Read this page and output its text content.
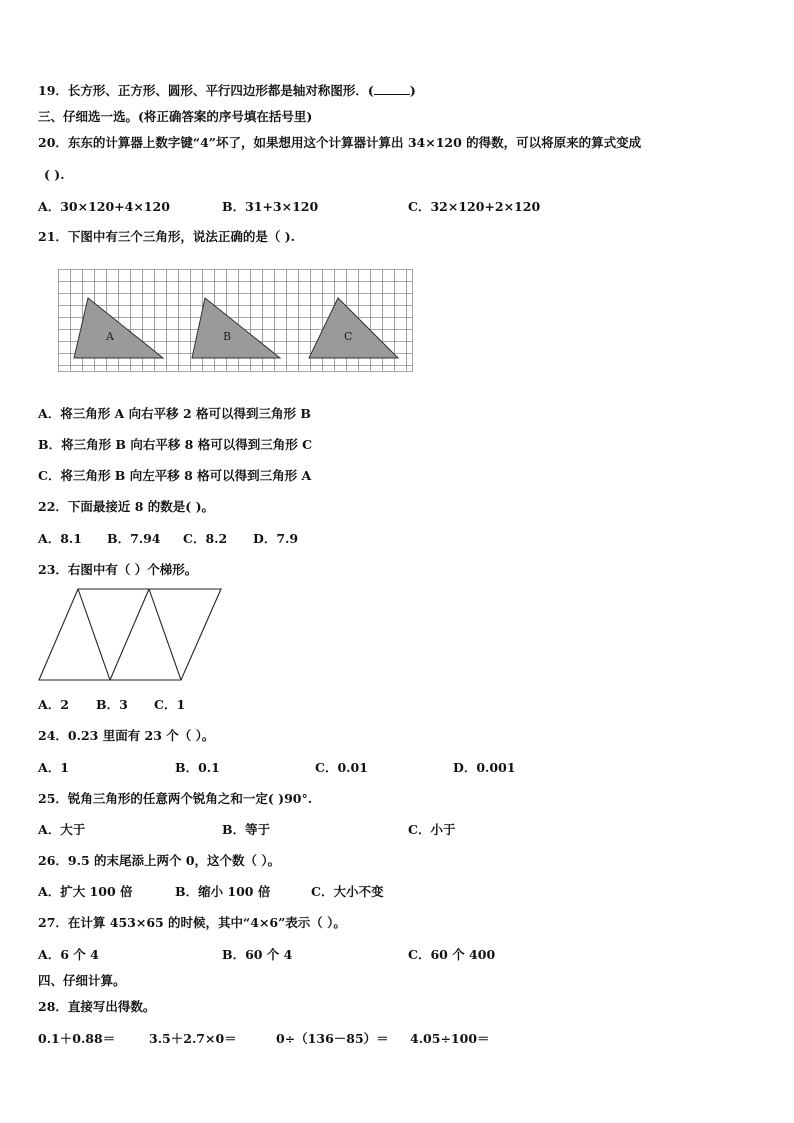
19．长方形、正方形、圆形、平行四边形都是轴对称图形．(	)
三、仔细选一选。(将正确答案的序号填在括号里)
20．东东的计算器上数字键“4”坏了，如果想用这个计算器计算出 34×120 的得数，可以将原来的算式变成
( ).
A．30×120+4×120	B．31+3×120	C．32×120+2×120
21．下图中有三个三角形，说法正确的是（ ).
A	B	C
A．将三角形 A 向右平移 2 格可以得到三角形 B
B．将三角形 B 向右平移 8 格可以得到三角形 C
C．将三角形 B 向左平移 8 格可以得到三角形 A
22．下面最接近 8 的数是( )。
A．8.1 B．7.94 C．8.2 D．7.9
23．右图中有（ ）个梯形。
A．2 B．3 C．1
24．0.23 里面有 23 个（ ）。
A．1	B．0.1	C．0.01	D．0.001
25．锐角三角形的任意两个锐角之和一定( )90°.
A．大于	B．等于	C．小于
26．9.5 的末尾添上两个 0，这个数（ ）。
A．扩大 100 倍	B．缩小 100 倍	C．大小不变
27．在计算 453×65 的时候，其中“4×6”表示（ ）。
A．6 个 4	B．60 个 4	C．60 个 400
四、仔细计算。
28．直接写出得数。
0.1＋0.88＝	3.5＋2.7×0＝	0÷（136－85）＝ 4.05÷100＝
